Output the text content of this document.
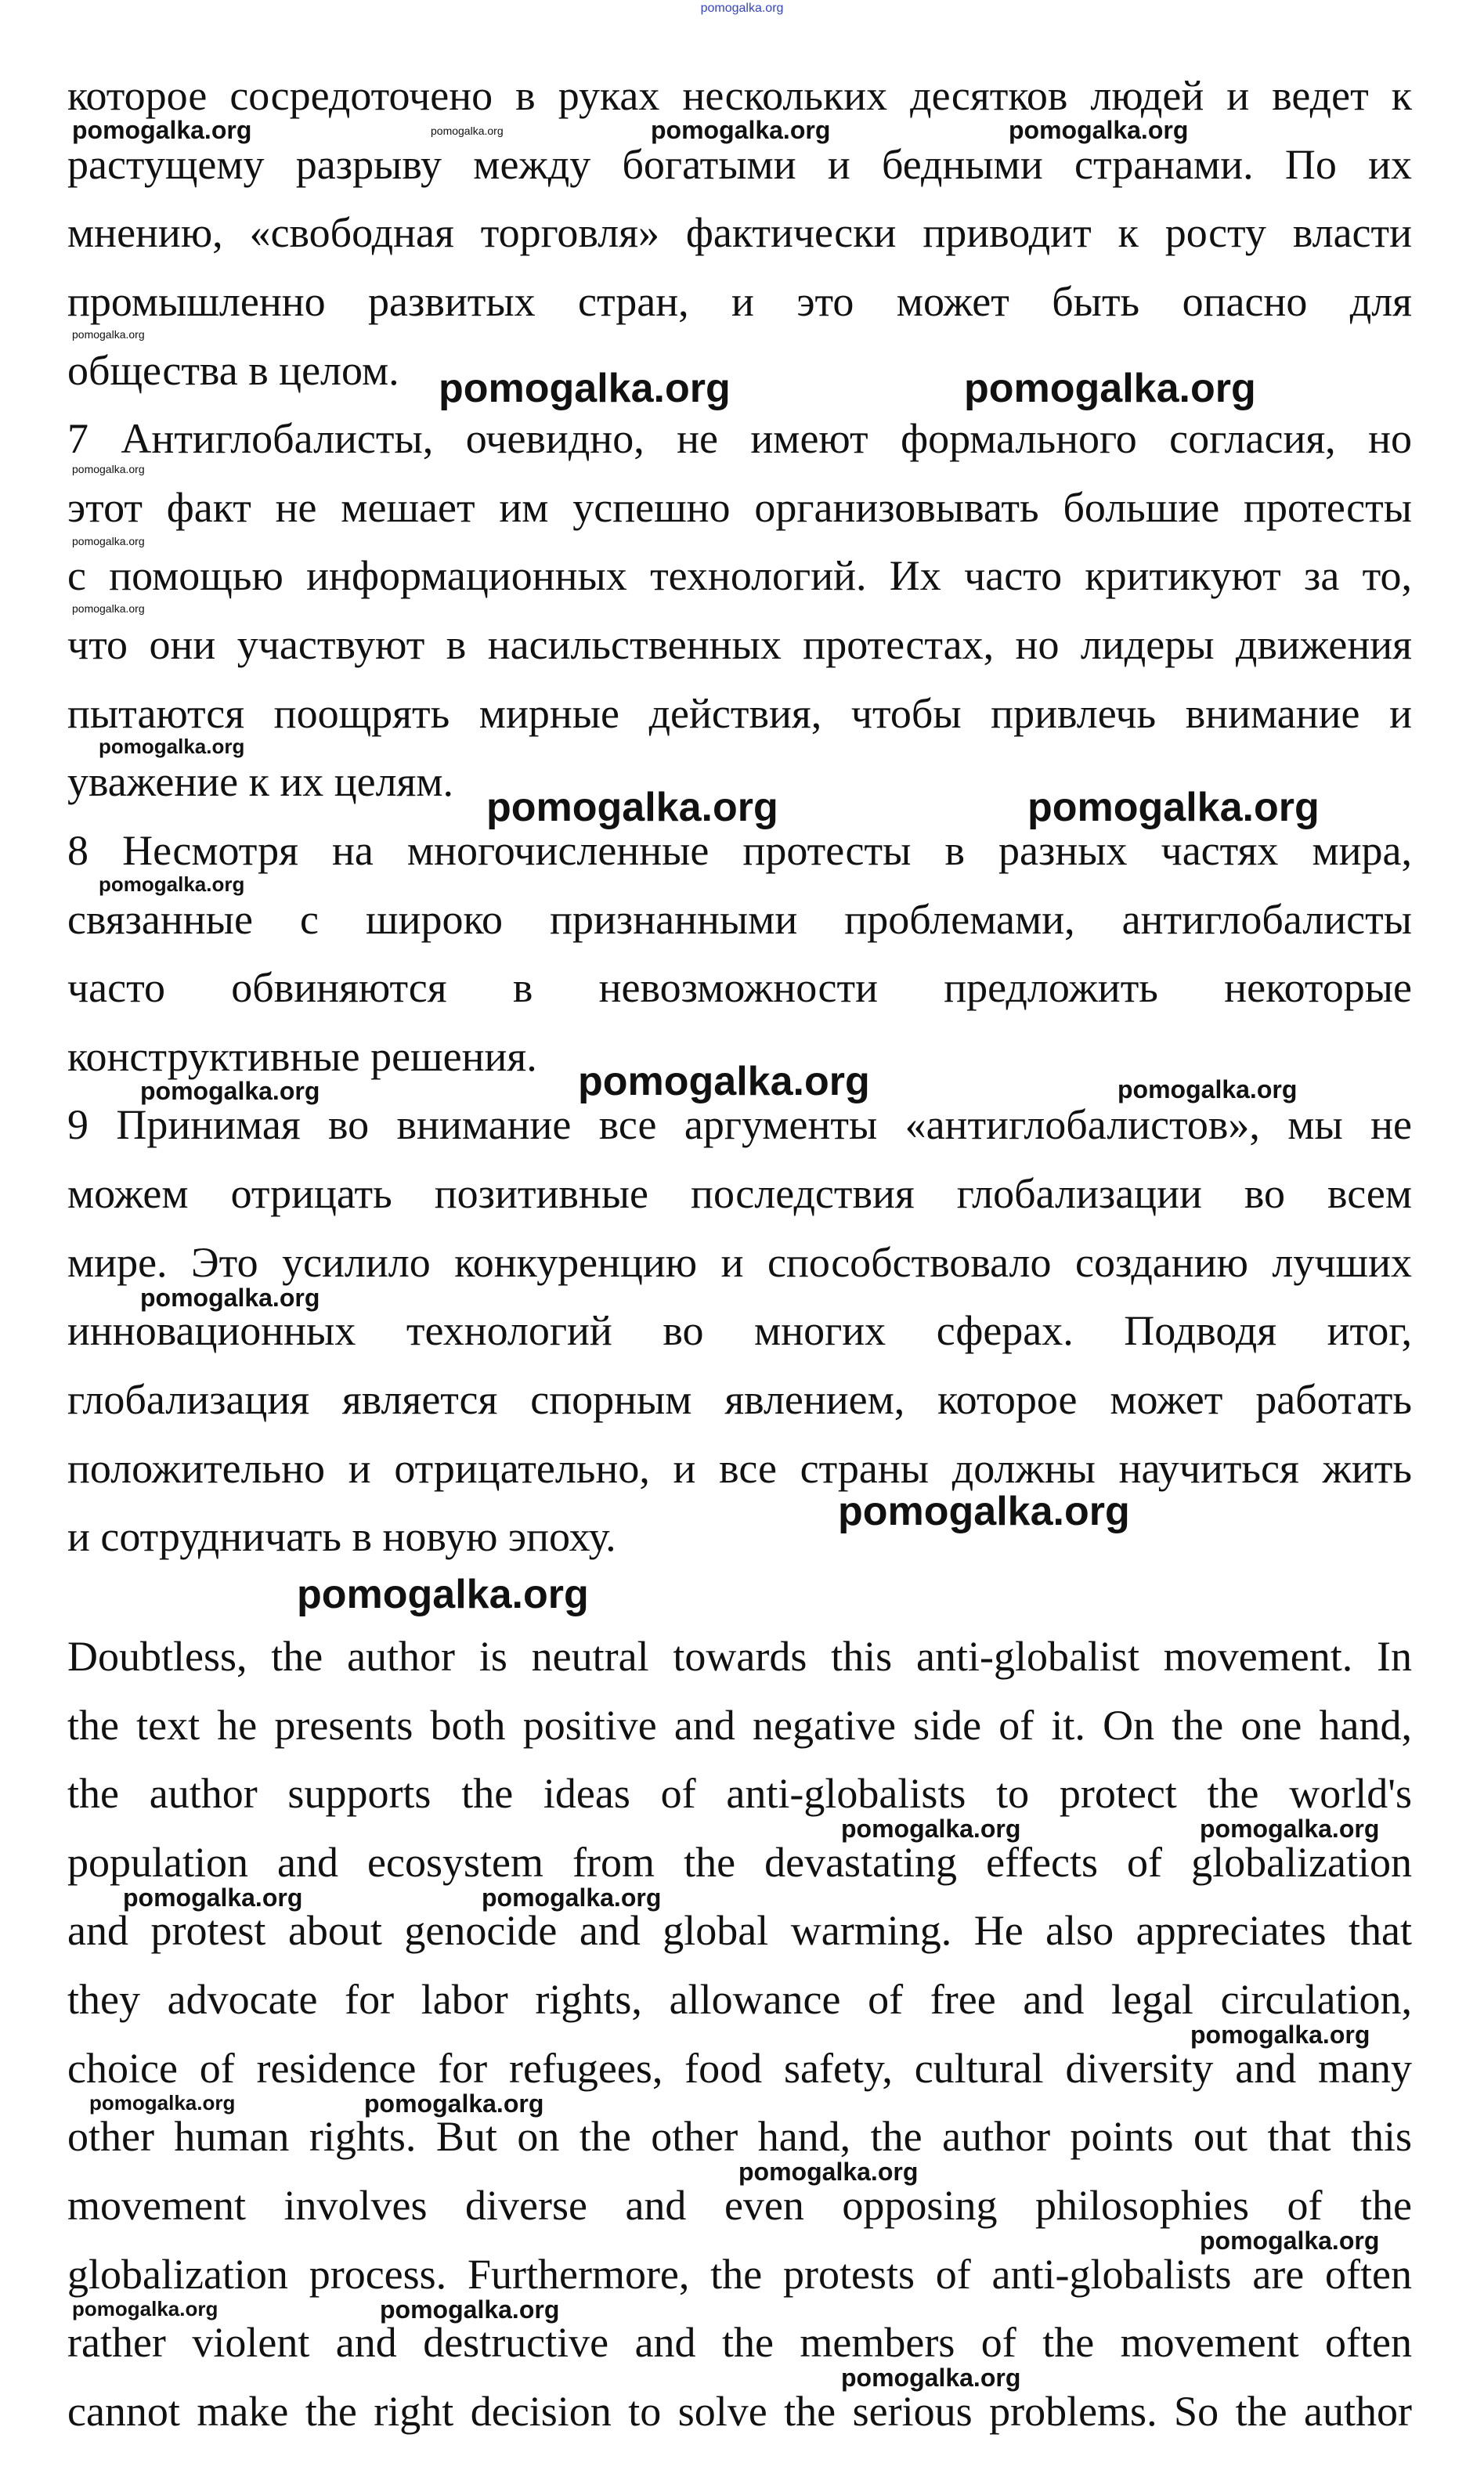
pomogalka.org
которое сосредоточено в руках нескольких десятков людей и ведет к
растущему разрыву между богатыми и бедными странами. По их
мнению, «свободная торговля» фактически приводит к росту власти
промышленно развитых стран, и это может быть опасно для
общества в целом.
7 Антиглобалисты, очевидно, не имеют формального согласия, но
этот факт не мешает им успешно организовывать большие протесты
с помощью информационных технологий. Их часто критикуют за то,
что они участвуют в насильственных протестах, но лидеры движения
пытаются поощрять мирные действия, чтобы привлечь внимание и
уважение к их целям.
8 Несмотря на многочисленные протесты в разных частях мира,
связанные с широко признанными проблемами, антиглобалисты
часто обвиняются в невозможности предложить некоторые
конструктивные решения.
9 Принимая во внимание все аргументы «антиглобалистов», мы не
можем отрицать позитивные последствия глобализации во всем
мире. Это усилило конкуренцию и способствовало созданию лучших
инновационных технологий во многих сферах. Подводя итог,
глобализация является спорным явлением, которое может работать
положительно и отрицательно, и все страны должны научиться жить
и сотрудничать в новую эпоху.
Doubtless, the author is neutral towards this anti-globalist movement. In
the text he presents both positive and negative side of it. On the one hand,
the author supports the ideas of anti-globalists to protect the world's
population and ecosystem from the devastating effects of globalization
and protest about genocide and global warming. He also appreciates that
they advocate for labor rights, allowance of free and legal circulation,
choice of residence for refugees, food safety, cultural diversity and many
other human rights. But on the other hand, the author points out that this
movement involves diverse and even opposing philosophies of the
globalization process. Furthermore, the protests of anti-globalists are often
rather violent and destructive and the members of the movement often
cannot make the right decision to solve the serious problems. So the author
pomogalka.org	pomogalka.org	pomogalka.org	pomogalka.org
pomogalka.org
pomogalka.org	pomogalka.org
pomogalka.org
pomogalka.org
pomogalka.org
pomogalka.org
pomogalka.org	pomogalka.org
pomogalka.org
pomogalka.org	pomogalka.org	pomogalka.org
pomogalka.org
pomogalka.org
pomogalka.org
pomogalka.org	pomogalka.org
pomogalka.org	pomogalka.org
pomogalka.org
pomogalka.org	pomogalka.org
pomogalka.org
pomogalka.org
pomogalka.org	pomogalka.org
pomogalka.org
